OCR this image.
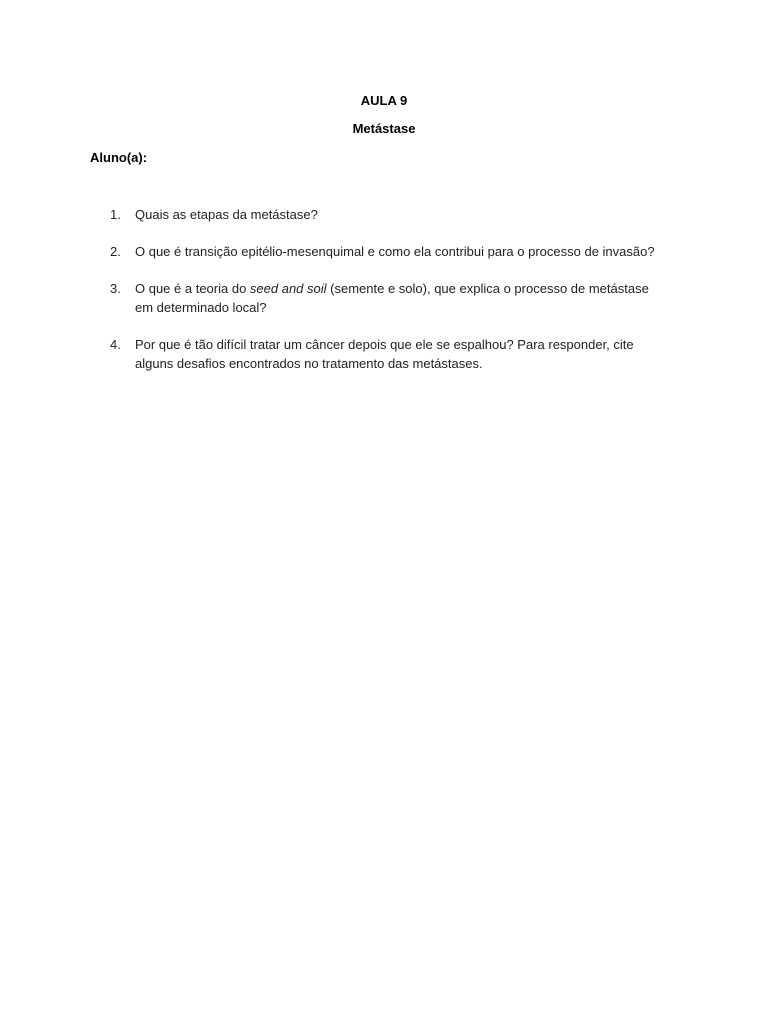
AULA 9
Metástase
Aluno(a):
1.	Quais as etapas da metástase?
2.	O que é transição epitélio-mesenquimal e como ela contribui para o processo de invasão?
3.	O que é a teoria do seed and soil (semente e solo), que explica o processo de metástase em determinado local?
4.	Por que é tão difícil tratar um câncer depois que ele se espalhou? Para responder, cite alguns desafios encontrados no tratamento das metástases.
